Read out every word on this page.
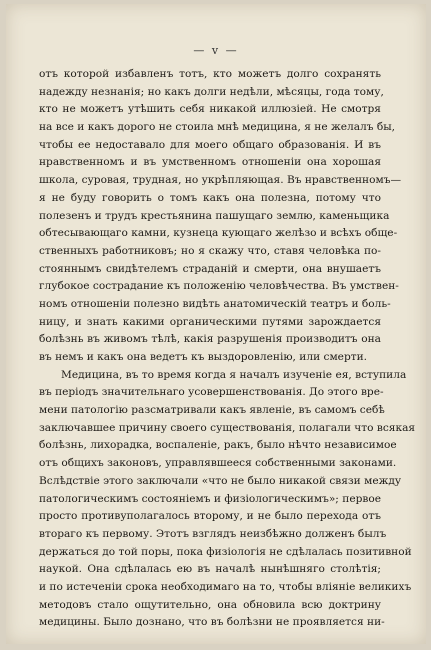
— v —
отъ которой избавленъ тотъ, кто можетъ долго сохранять
надежду незнанія; но какъ долги недѣли, мѣсяцы, года тому,
кто не можетъ утѣшить себя никакой иллюзіей. Не смотря
на все и какъ дорого не стоила мнѣ медицина, я не желалъ бы,
чтобы ее недоставало для моего общаго образованія. И въ
нравственномъ и въ умственномъ отношеніи она хорошая
школа, суровая, трудная, но укрѣпляющая. Въ нравственномъ—
я не буду говорить о томъ какъ она полезна, потому что
полезенъ и трудъ крестьянина пашущаго землю, каменьщика
обтесывающаго камни, кузнеца кующаго желѣзо и всѣхъ обще-
ственныхъ работниковъ; но я скажу что, ставя человѣка по-
стояннымъ свидѣтелемъ страданій и смерти, она внушаетъ
глубокое сострадание къ положенію человѣчества. Въ умствен-
номъ отношеніи полезно видѣть анатомическій театръ и боль-
ницу, и знать какими органическими путями зарождается
болѣзнь въ живомъ тѣлѣ, какія разрушенія производитъ она
въ немъ и какъ она ведетъ къ выздоровленію, или смерти.
Медицина, въ то время когда я началъ изученіе ея, вступила
въ періодъ значительнаго усовершенствованія. До этого вре-
мени патологію разсматривали какъ явленіе, въ самомъ себѣ
заключавшее причину своего существованія, полагали что всякая
болѣзнь, лихорадка, воспаленіе, ракъ, было нѣчто независимое
отъ общихъ законовъ, управлявшееся собственными законами.
Вслѣдствіе этого заключали «что не было никакой связи между
патологическимъ состояніемъ и физіологическимъ»; первое
просто противуполагалось второму, и не было перехода отъ
втораго къ первому. Этотъ взглядъ неизбѣжно долженъ былъ
держаться до той поры, пока физіологія не сдѣлалась позитивной
наукой. Она сдѣлалась ею въ началѣ нынѣшняго столѣтія;
и по истеченіи срока необходимаго на то, чтобы вліяніе великихъ
методовъ стало ощутительно, она обновила всю доктрину
медицины. Было дознано, что въ болѣзни не проявляется ни-
